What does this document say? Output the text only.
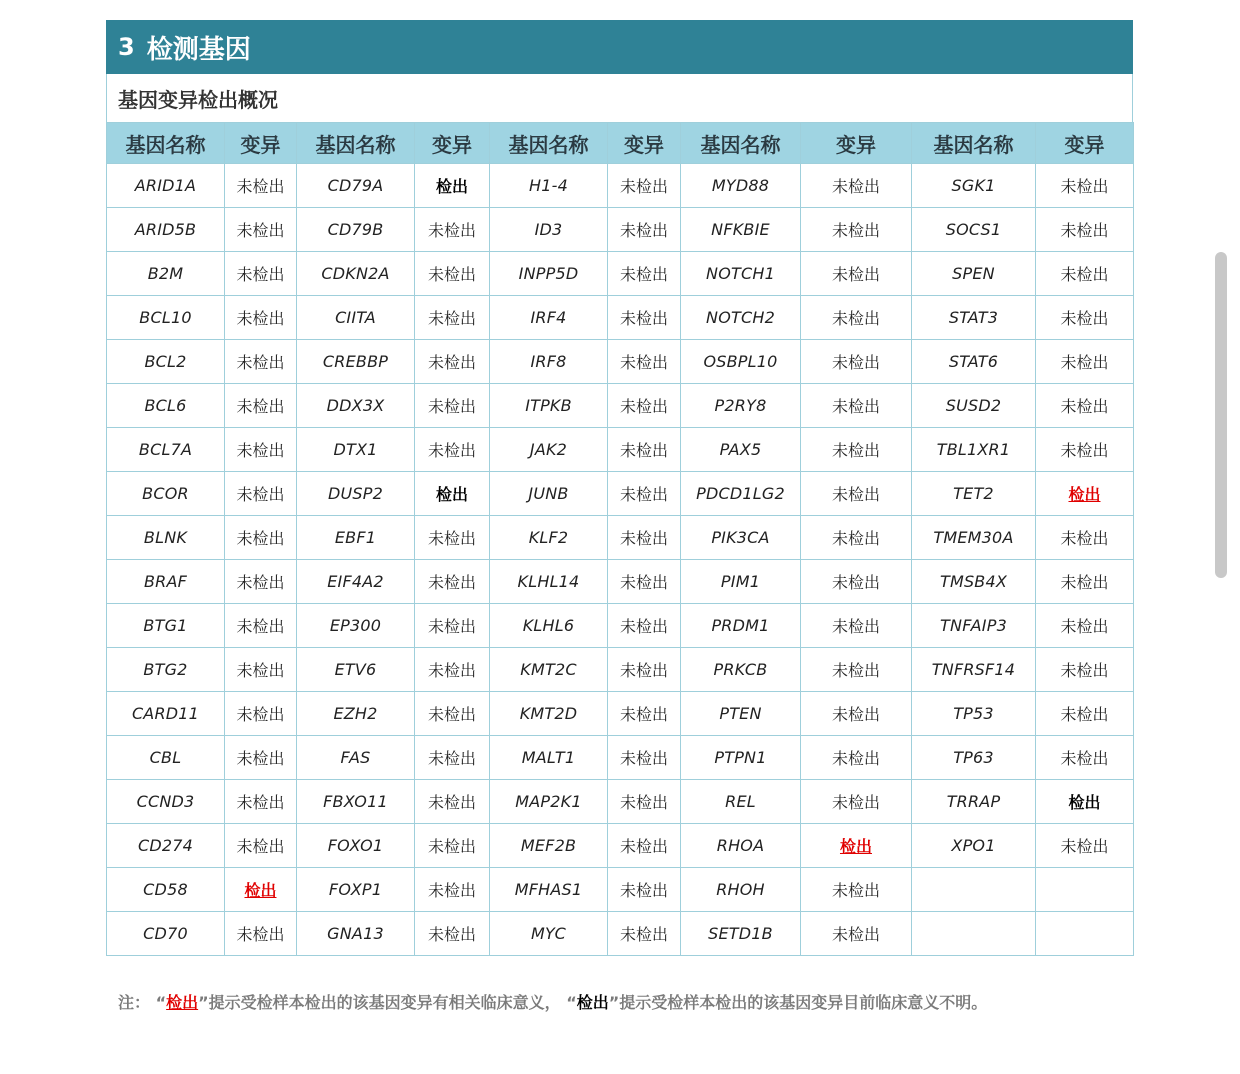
3 检测基因
基因变异检出概况
基因名称	变异	基因名称	变异	基因名称	变异	基因名称	变异	基因名称	变异
ARID1A	未检出	CD79A	检出	H1-4	未检出	MYD88	未检出	SGK1	未检出
ARID5B	未检出	CD79B	未检出	ID3	未检出	NFKBIE	未检出	SOCS1	未检出
B2M	未检出	CDKN2A	未检出	INPP5D	未检出	NOTCH1	未检出	SPEN	未检出
BCL10	未检出	CIITA	未检出	IRF4	未检出	NOTCH2	未检出	STAT3	未检出
BCL2	未检出	CREBBP	未检出	IRF8	未检出	OSBPL10	未检出	STAT6	未检出
BCL6	未检出	DDX3X	未检出	ITPKB	未检出	P2RY8	未检出	SUSD2	未检出
BCL7A	未检出	DTX1	未检出	JAK2	未检出	PAX5	未检出	TBL1XR1	未检出
BCOR	未检出	DUSP2	检出	JUNB	未检出	PDCD1LG2	未检出	TET2	检出
BLNK	未检出	EBF1	未检出	KLF2	未检出	PIK3CA	未检出	TMEM30A	未检出
BRAF	未检出	EIF4A2	未检出	KLHL14	未检出	PIM1	未检出	TMSB4X	未检出
BTG1	未检出	EP300	未检出	KLHL6	未检出	PRDM1	未检出	TNFAIP3	未检出
BTG2	未检出	ETV6	未检出	KMT2C	未检出	PRKCB	未检出	TNFRSF14	未检出
CARD11	未检出	EZH2	未检出	KMT2D	未检出	PTEN	未检出	TP53	未检出
CBL	未检出	FAS	未检出	MALT1	未检出	PTPN1	未检出	TP63	未检出
CCND3	未检出	FBXO11	未检出	MAP2K1	未检出	REL	未检出	TRRAP	检出
CD274	未检出	FOXO1	未检出	MEF2B	未检出	RHOA	检出	XPO1	未检出
CD58	检出	FOXP1	未检出	MFHAS1	未检出	RHOH	未检出		
CD70	未检出	GNA13	未检出	MYC	未检出	SETD1B	未检出		
注： “检出”提示受检样本检出的该基因变异有相关临床意义， “检出”提示受检样本检出的该基因变异目前临床意义不明。
